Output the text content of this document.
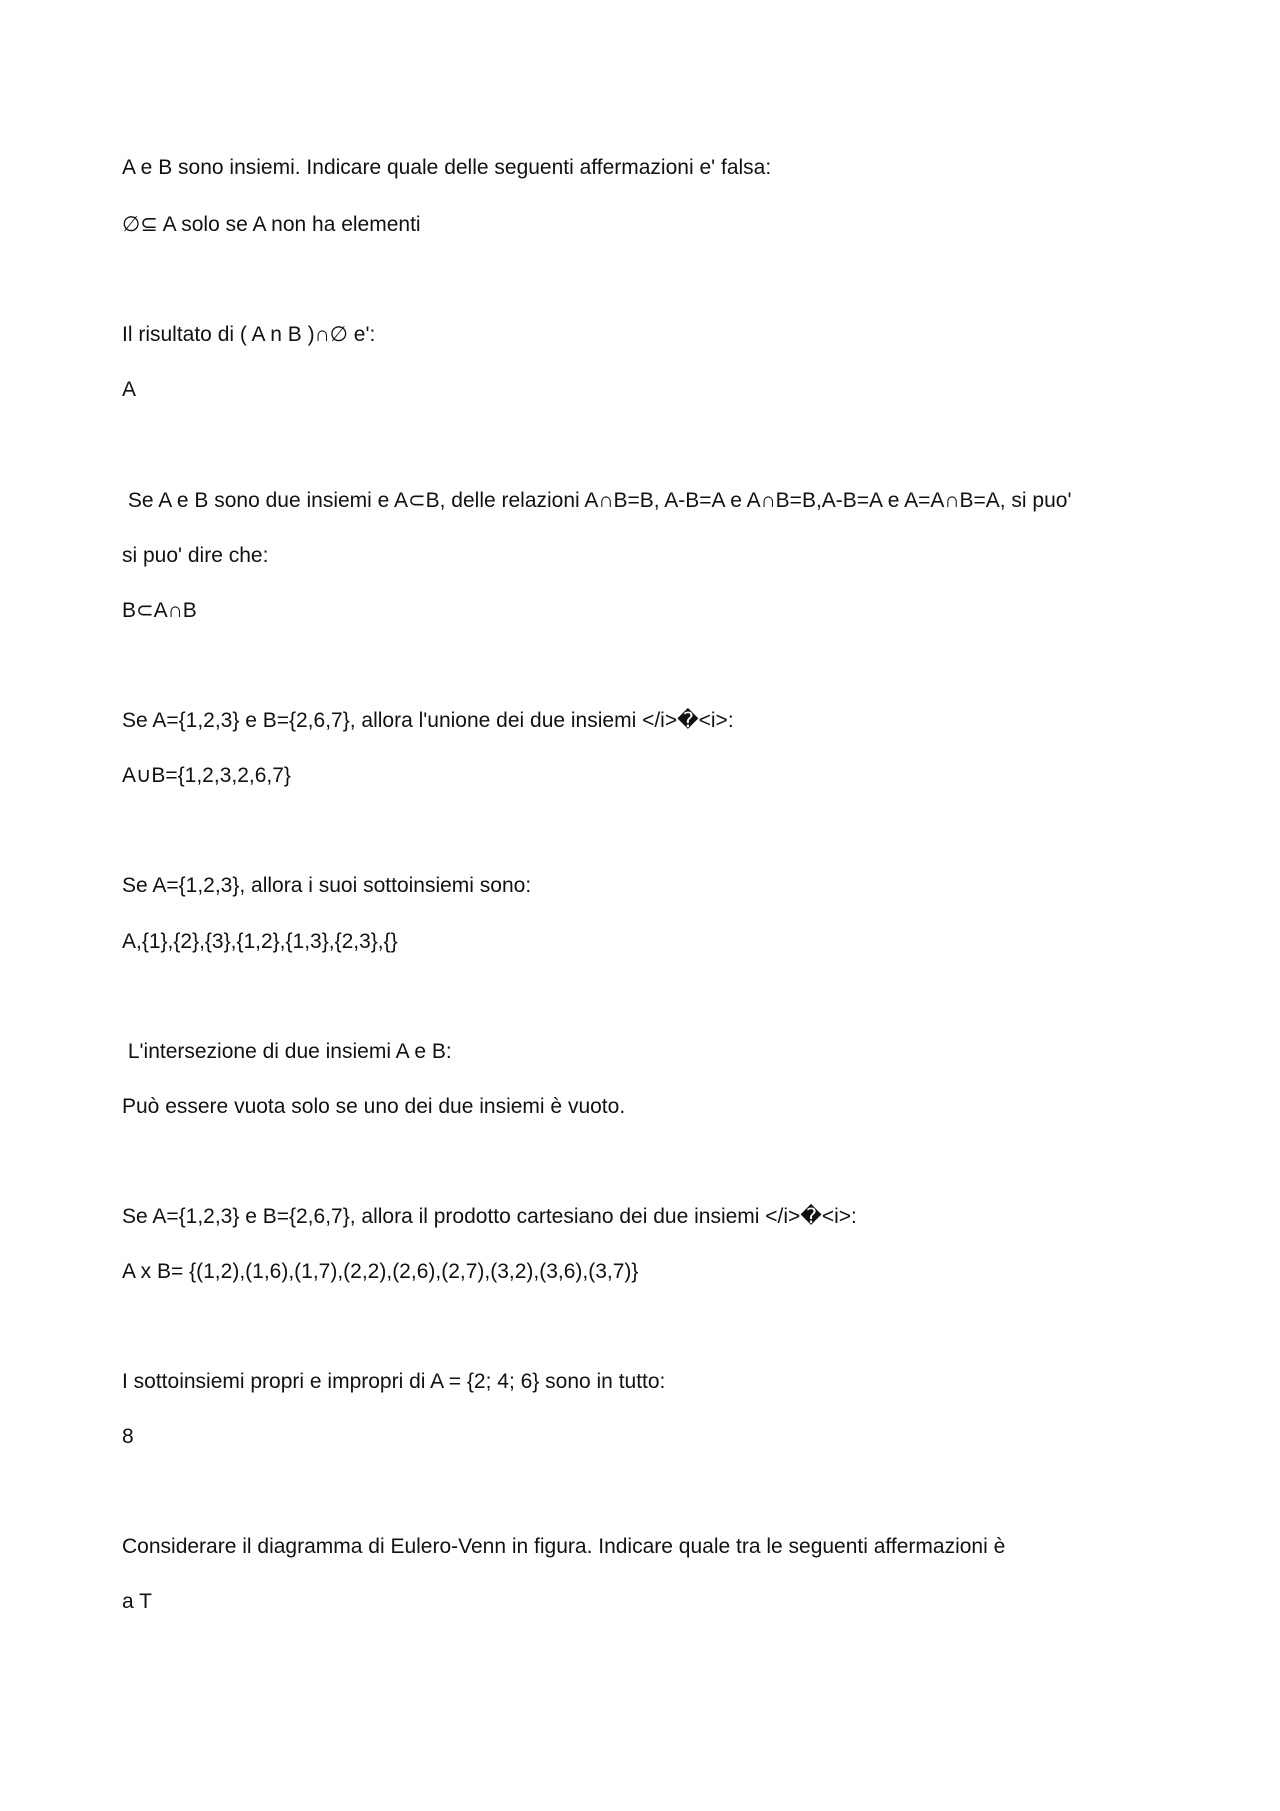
A e B sono insiemi. Indicare quale delle seguenti affermazioni e' falsa:
∅⊆ A solo se A non ha elementi
Il risultato di ( A n B )∩∅ e':
A
Se A e B sono due insiemi e A⊂B, delle relazioni A∩B=B, A-B=A e A∩B=B,A-B=A e A=A∩B=A, si puo'
si puo' dire che:
B⊂A∩B
Se A={1,2,3} e B={2,6,7}, allora l'unione dei due insiemi </i>�<i>:
A∪B={1,2,3,2,6,7}
Se A={1,2,3}, allora i suoi sottoinsiemi sono:
A,{1},{2},{3},{1,2},{1,3},{2,3},{}
L'intersezione di due insiemi A e B:
Può essere vuota solo se uno dei due insiemi è vuoto.
Se A={1,2,3} e B={2,6,7}, allora il prodotto cartesiano dei due insiemi </i>�<i>:
A x B= {(1,2),(1,6),(1,7),(2,2),(2,6),(2,7),(3,2),(3,6),(3,7)}
I sottoinsiemi propri e impropri di A = {2; 4; 6} sono in tutto:
8
Considerare il diagramma di Eulero-Venn in figura. Indicare quale tra le seguenti affermazioni è
a T
